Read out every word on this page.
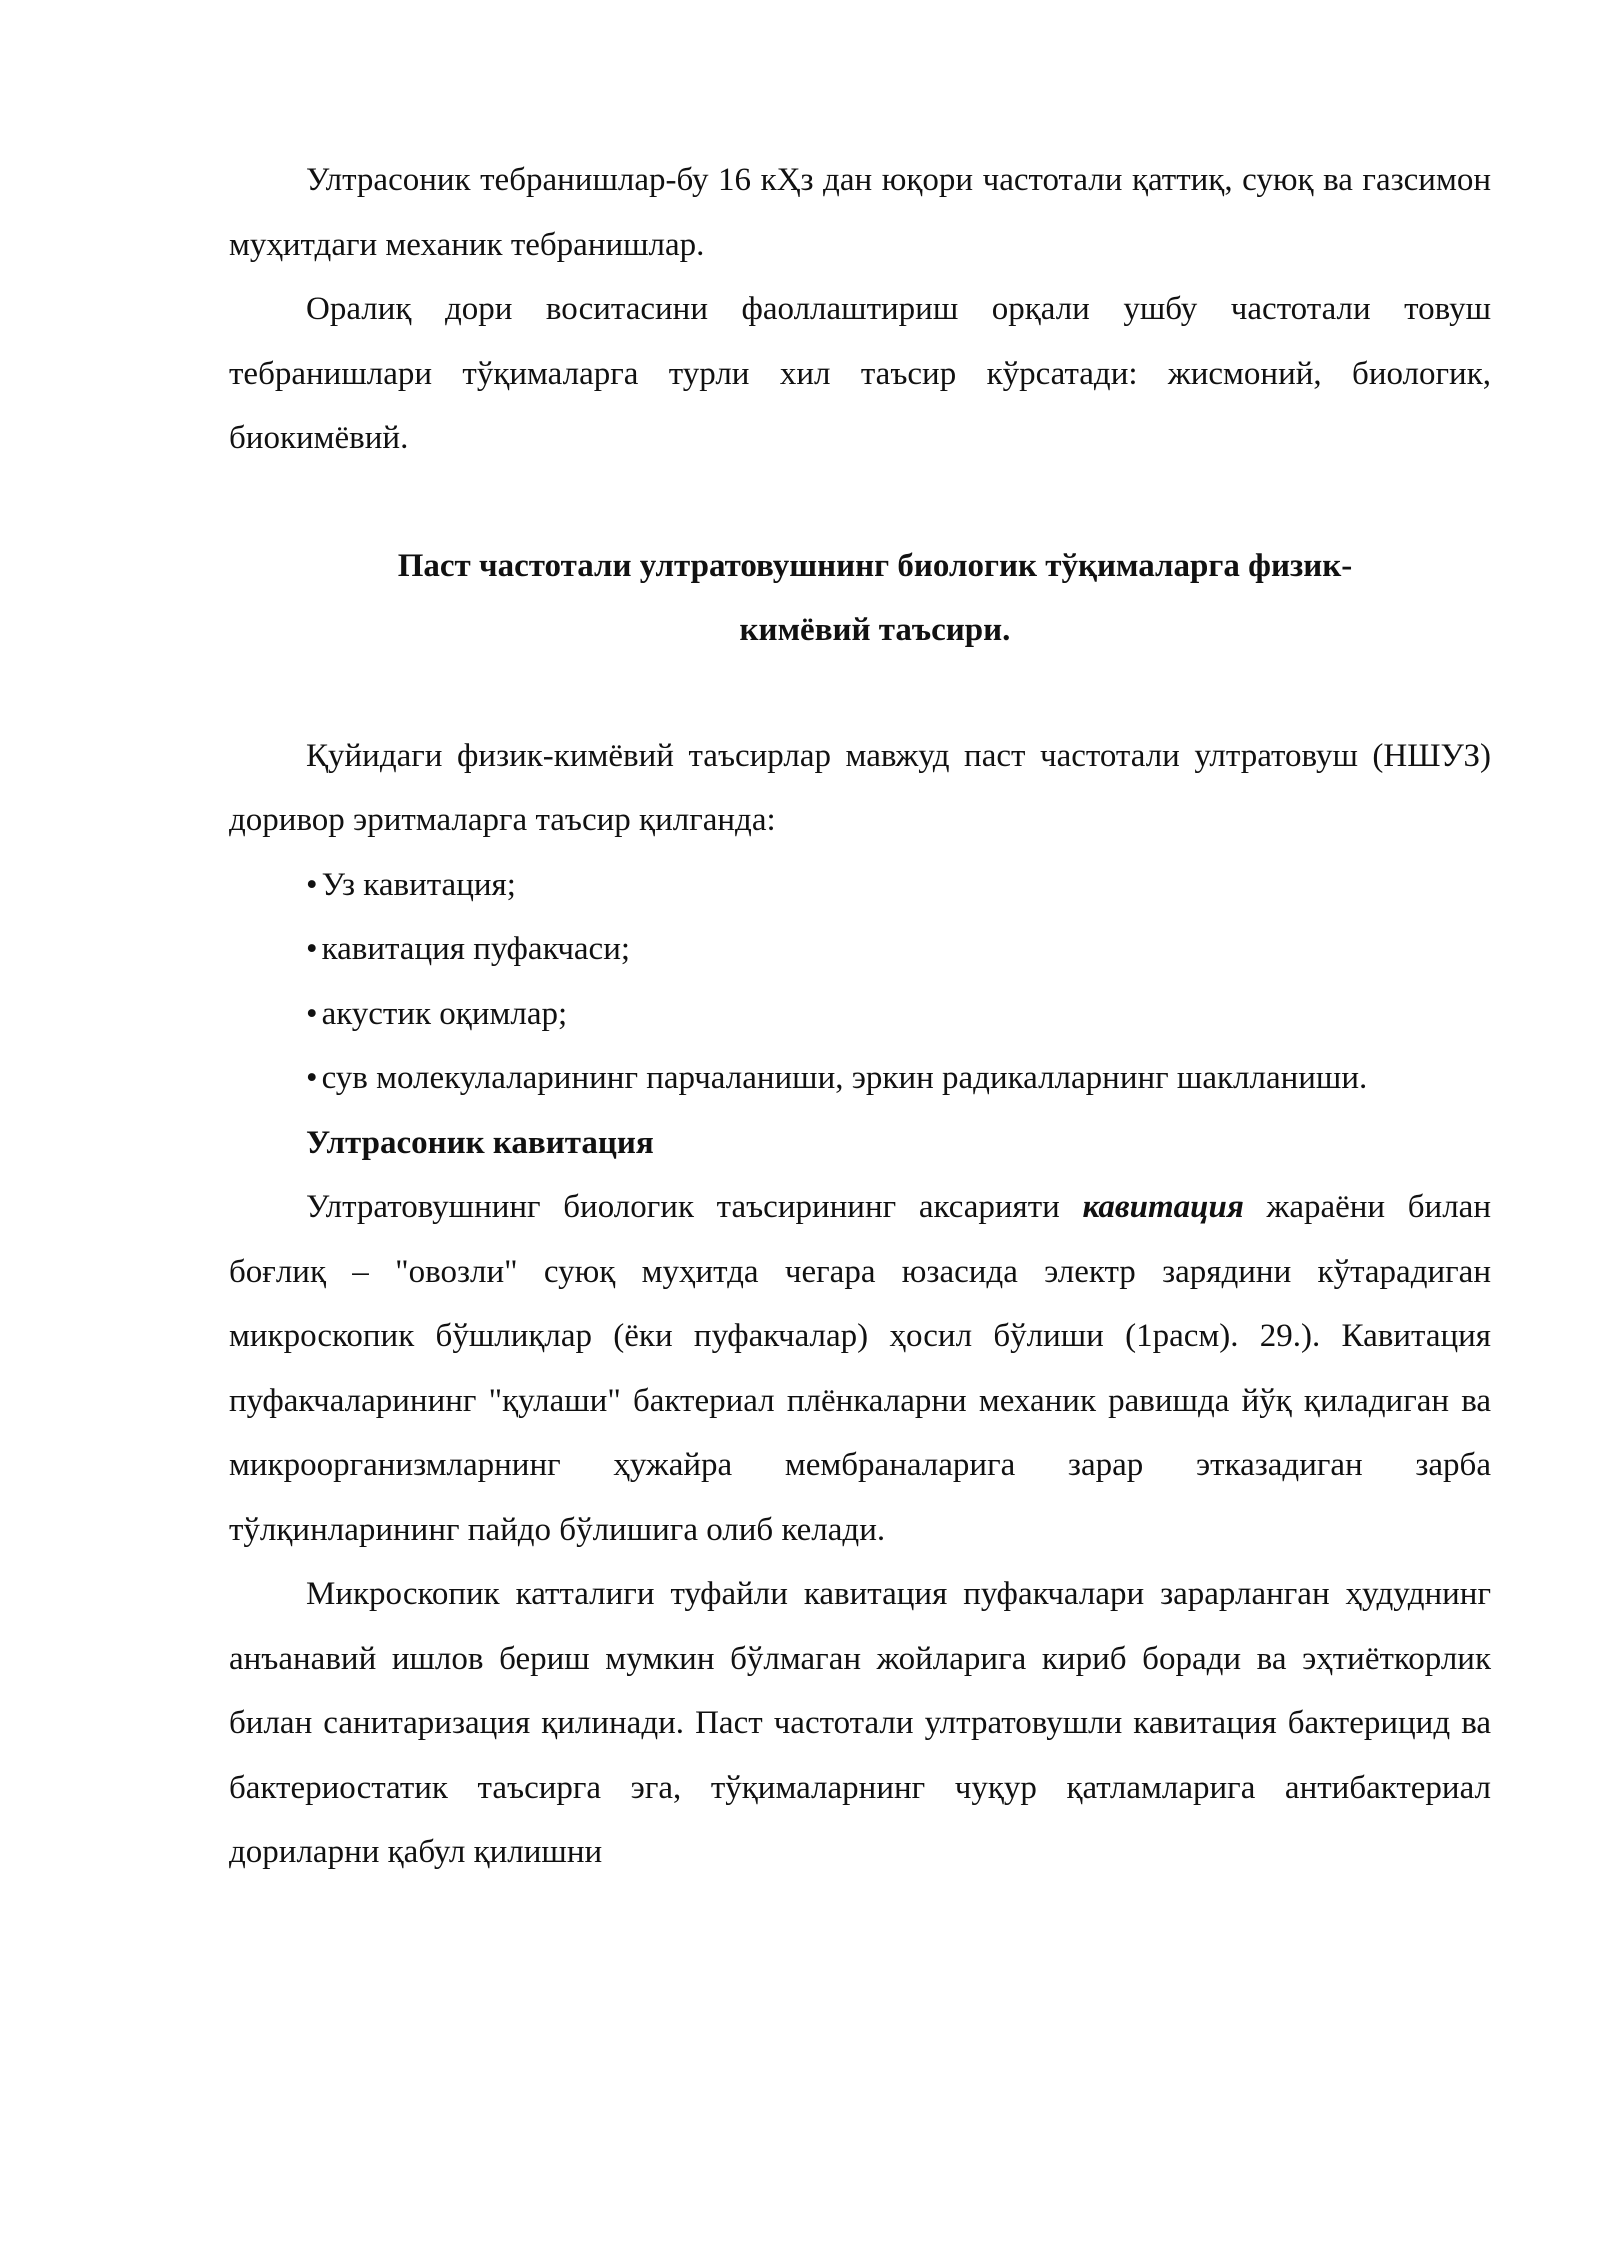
Ултрасоник тебранишлар-бу 16 кҲз дан юқори частотали қаттиқ, суюқ ва газсимон муҳитдаги механик тебранишлар.

Оралиқ дори воситасини фаоллаштириш орқали ушбу частотали товуш тебранишлари тўқималарга турли хил таъсир кўрсатади: жисмоний, биологик, биокимёвий.

Паст частотали ултратовушнинг биологик тўқималарга физик-
кимёвий таъсири.

Қуйидаги физик-кимёвий таъсирлар мавжуд паст частотали ултратовуш (НШУЗ) доривор эритмаларга таъсир қилганда:

• Уз кавитация;

• кавитация пуфакчаси;

• акустик оқимлар;

• сув молекулаларининг парчаланиши, эркин радикалларнинг шаклланиши.

Ултрасоник кавитация

Ултратовушнинг биологик таъсирининг аксарияти кавитация жараёни билан боғлиқ – "овозли" суюқ муҳитда чегара юзасида электр зарядини кўтарадиган микроскопик бўшлиқлар (ёки пуфакчалар) ҳосил бўлиши (1расм). 29.). Кавитация пуфакчаларининг "қулаши" бактериал плёнкаларни механик равишда йўқ қиладиган ва микроорганизмларнинг ҳужайра мембраналарига зарар этказадиган зарба тўлқинларининг пайдо бўлишига олиб келади.

Микроскопик катталиги туфайли кавитация пуфакчалари зарарланган ҳудуднинг анъанавий ишлов бериш мумкин бўлмаган жойларига кириб боради ва эҳтиёткорлик билан санитаризация қилинади. Паст частотали ултратовушли кавитация бактерицид ва бактериостатик таъсирга эга, тўқималарнинг чуқур қатламларига антибактериал дориларни қабул қилишни
